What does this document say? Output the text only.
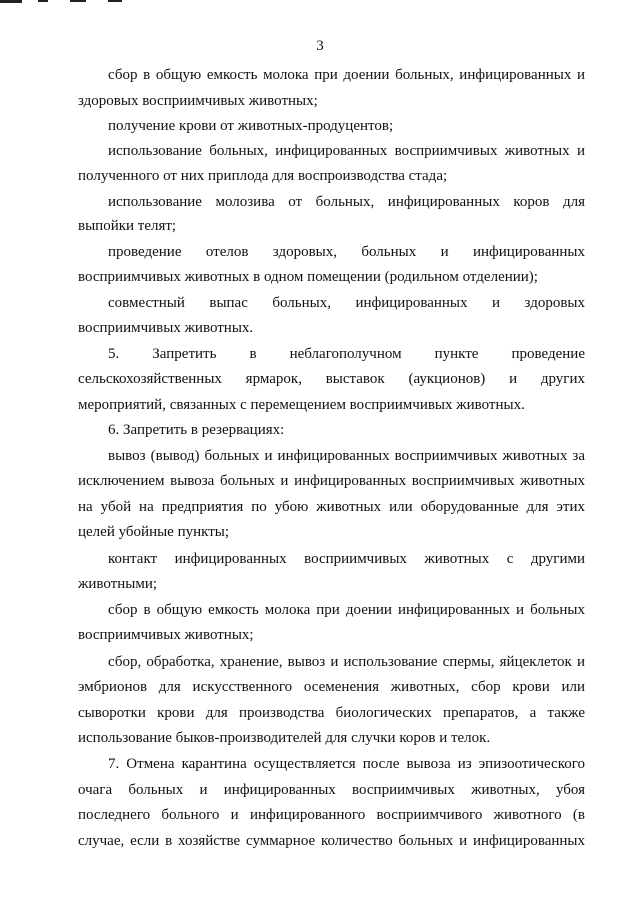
3
сбор в общую емкость молока при доении больных, инфицированных и
здоровых восприимчивых животных;
получение крови от животных-продуцентов;
использование больных, инфицированных восприимчивых животных и
полученного от них приплода для воспроизводства стада;
использование молозива от больных, инфицированных коров для
выпойки телят;
проведение отелов здоровых, больных и инфицированных
восприимчивых животных в одном помещении (родильном отделении);
совместный выпас больных, инфицированных и здоровых
восприимчивых животных.
5. Запретить в неблагополучном пункте проведение
сельскохозяйственных ярмарок, выставок (аукционов) и других
мероприятий, связанных с перемещением восприимчивых животных.
6. Запретить в резервациях:
вывоз (вывод) больных и инфицированных восприимчивых животных за
исключением вывоза больных и инфицированных восприимчивых животных
на убой на предприятия по убою животных или оборудованные для этих
целей убойные пункты;
контакт инфицированных восприимчивых животных с другими
животными;
сбор в общую емкость молока при доении инфицированных и больных
восприимчивых животных;
сбор, обработка, хранение, вывоз и использование спермы, яйцеклеток и
эмбрионов для искусственного осеменения животных, сбор крови или
сыворотки крови для производства биологических препаратов, а также
использование быков-производителей для случки коров и телок.
7. Отмена карантина осуществляется после вывоза из эпизоотического
очага больных и инфицированных восприимчивых животных, убоя
последнего больного и инфицированного восприимчивого животного (в
случае, если в хозяйстве суммарное количество больных и инфицированных
